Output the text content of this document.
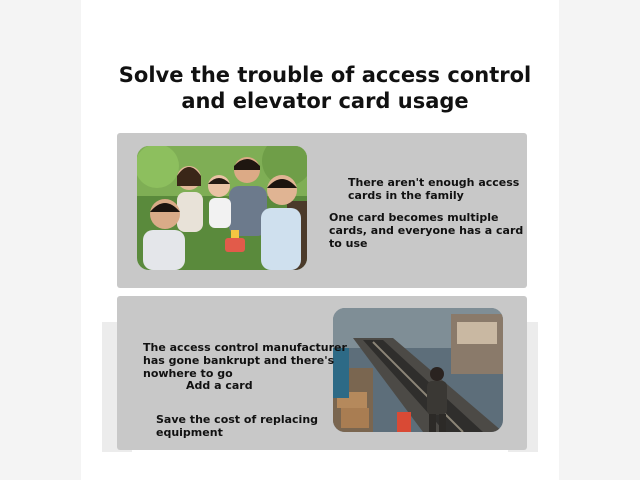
Solve the trouble of access control
and elevator card usage
There aren't enough access cards in the family
One card becomes multiple cards, and everyone has a card to use
The access control manufacturer has gone bankrupt and there's nowhere to go
Add a card
Save the cost of replacing equipment
